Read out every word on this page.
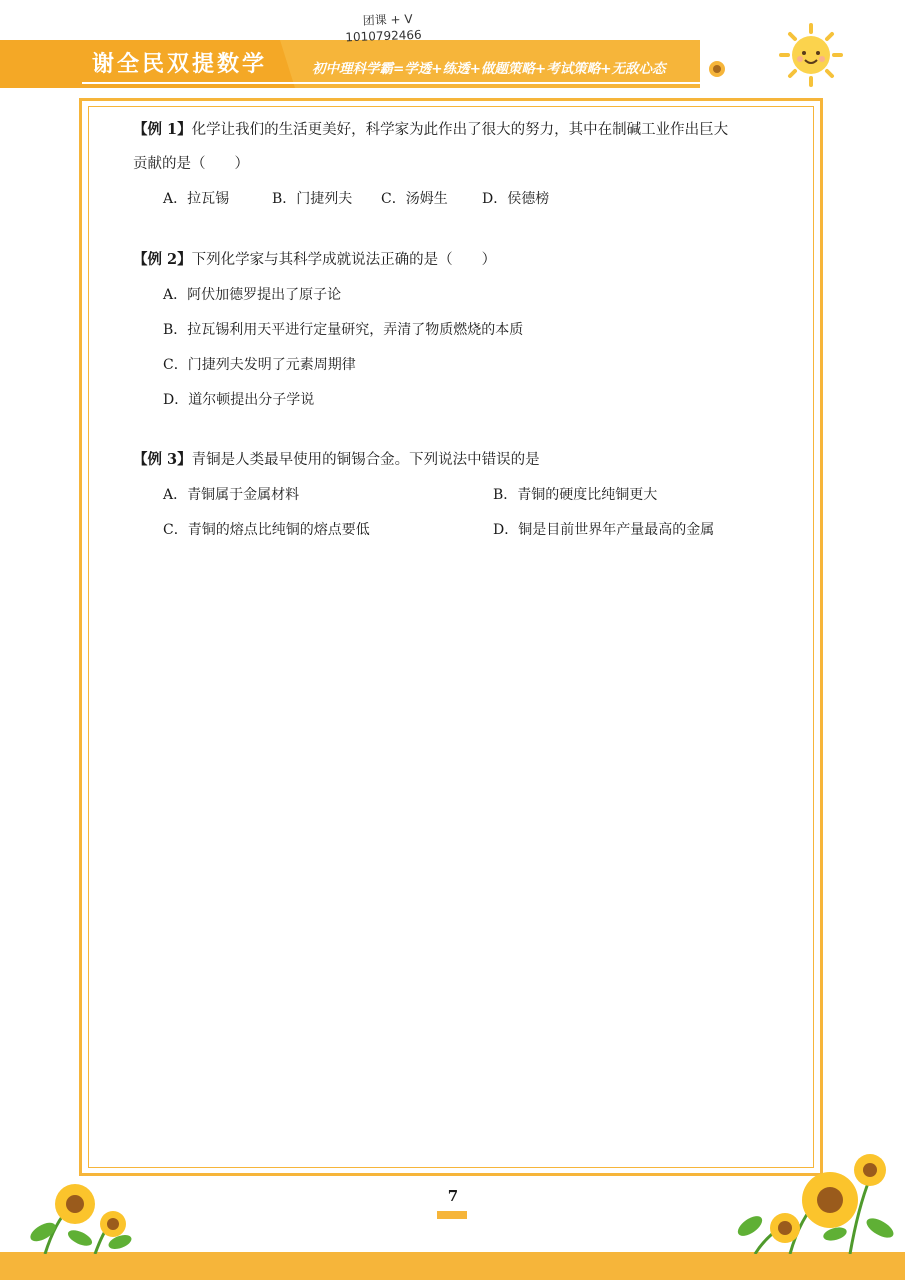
谢全民双提数学	初中理科学霸=学透+练透+做题策略+考试策略+无敌心态
团课 + V
1010792466
【例 1】化学让我们的生活更美好，科学家为此作出了很大的努力，其中在制碱工业作出巨大
贡献的是（　　）
A．拉瓦锡	B．门捷列夫 C．汤姆生 D．侯德榜
【例 2】下列化学家与其科学成就说法正确的是（　　）
A．阿伏加德罗提出了原子论
B．拉瓦锡利用天平进行定量研究，弄清了物质燃烧的本质
C．门捷列夫发明了元素周期律
D．道尔顿提出分子学说
【例 3】青铜是人类最早使用的铜锡合金。下列说法中错误的是
A．青铜属于金属材料	B．青铜的硬度比纯铜更大
C．青铜的熔点比纯铜的熔点要低	D．铜是目前世界年产量最高的金属
7
